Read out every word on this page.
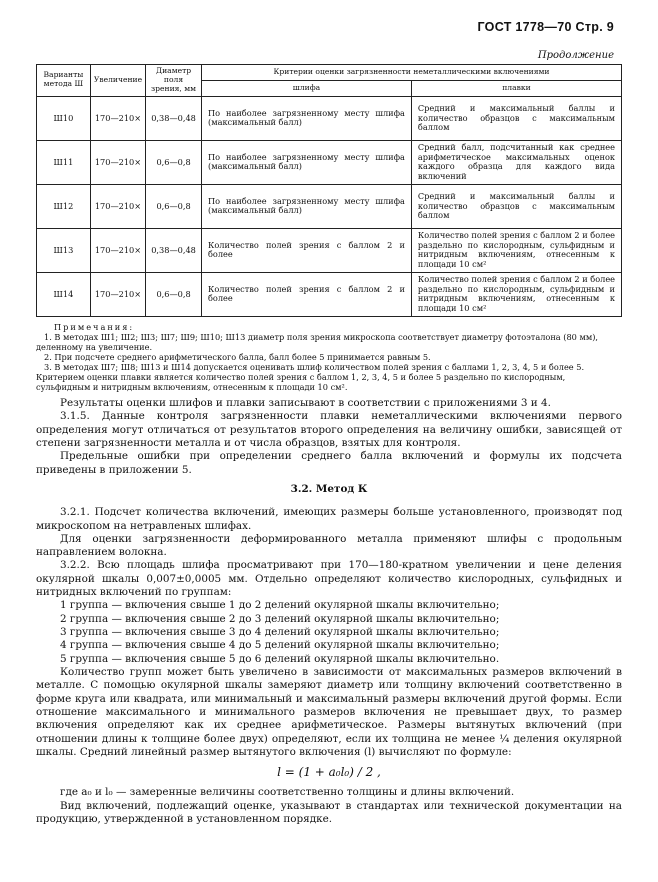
ГОСТ 1778—70 Стр. 9
Продолжение
Варианты метода Ш	Увеличение	Диаметр поля зрения, мм	Критерии оценки загрязненности неметаллическими включениями	
			шлифа	плавки
Ш10	170—210×	0,38—0,48	По наиболее загрязненному месту шлифа (максимальный балл)	Средний и максимальный баллы и количество образцов с максимальным баллом
Ш11	170—210×	0,6—0,8	По наиболее загрязненному месту шлифа (максимальный балл)	Средний балл, подсчитанный как среднее арифметическое максимальных оценок каждого образца для каждого вида включений
Ш12	170—210×	0,6—0,8	По наиболее загрязненному месту шлифа (максимальный балл)	Средний и максимальный баллы и количество образцов с максимальным баллом
Ш13	170—210×	0,38—0,48	Количество полей зрения с баллом 2 и более	Количество полей зрения с баллом 2 и более раздельно по кислородным, сульфидным и нитридным включениям, отнесенным к площади 10 см²
Ш14	170—210×	0,6—0,8	Количество полей зрения с баллом 2 и более	Количество полей зрения с баллом 2 и более раздельно по кислородным, сульфидным и нитридным включениям, отнесенным к площади 10 см²

Примечания:

1. В методах Ш1; Ш2; Ш3; Ш7; Ш9; Ш10; Ш13 диаметр поля зрения микроскопа соответствует диаметру фотоэталона (80 мм), деленному на увеличение.

2. При подсчете среднего арифметического балла, балл более 5 принимается равным 5.

3. В методах Ш7; Ш8; Ш13 и Ш14 допускается оценивать шлиф количеством полей зрения с баллами 1, 2, 3, 4, 5 и более 5. Критерием оценки плавки является количество полей зрения с баллом 1, 2, 3, 4, 5 и более 5 раздельно по кислородным, сульфидным и нитридным включениям, отнесенным к площади 10 см².

Результаты оценки шлифов и плавки записывают в соответствии с приложениями 3 и 4.

3.1.5. Данные контроля загрязненности плавки неметаллическими включениями первого определения могут отличаться от результатов второго определения на величину ошибки, зависящей от степени загрязненности металла и от числа образцов, взятых для контроля.

Предельные ошибки при определении среднего балла включений и формулы их подсчета приведены в приложении 5.

3.2. Метод К

3.2.1. Подсчет количества включений, имеющих размеры больше установленного, производят под микроскопом на нетравленых шлифах.

Для оценки загрязненности деформированного металла применяют шлифы с продольным направлением волокна.

3.2.2. Всю площадь шлифа просматривают при 170—180-кратном увеличении и цене деления окулярной шкалы 0,007±0,0005 мм. Отдельно определяют количество кислородных, сульфидных и нитридных включений по группам:

1 группа — включения свыше 1 до 2 делений окулярной шкалы включительно;

2 группа — включения свыше 2 до 3 делений окулярной шкалы включительно;

3 группа — включения свыше 3 до 4 делений окулярной шкалы включительно;

4 группа — включения свыше 4 до 5 делений окулярной шкалы включительно;

5 группа — включения свыше 5 до 6 делений окулярной шкалы включительно.

Количество групп может быть увеличено в зависимости от максимальных размеров включений в металле. С помощью окулярной шкалы замеряют диаметр или толщину включений соответственно в форме круга или квадрата, или минимальный и максимальный размеры включений другой формы. Если отношение максимального и минимального размеров включения не превышает двух, то размер включения определяют как их среднее арифметическое. Размеры вытянутых включений (при отношении длины к толщине более двух) определяют, если их толщина не менее ¼ деления окулярной шкалы. Средний линейный размер вытянутого включения (l) вычисляют по формуле:

l = (1 + a₀l₀) / 2 ,

где a₀ и l₀ — замеренные величины соответственно толщины и длины включений.

Вид включений, подлежащий оценке, указывают в стандартах или технической документации на продукцию, утвержденной в установленном порядке.
